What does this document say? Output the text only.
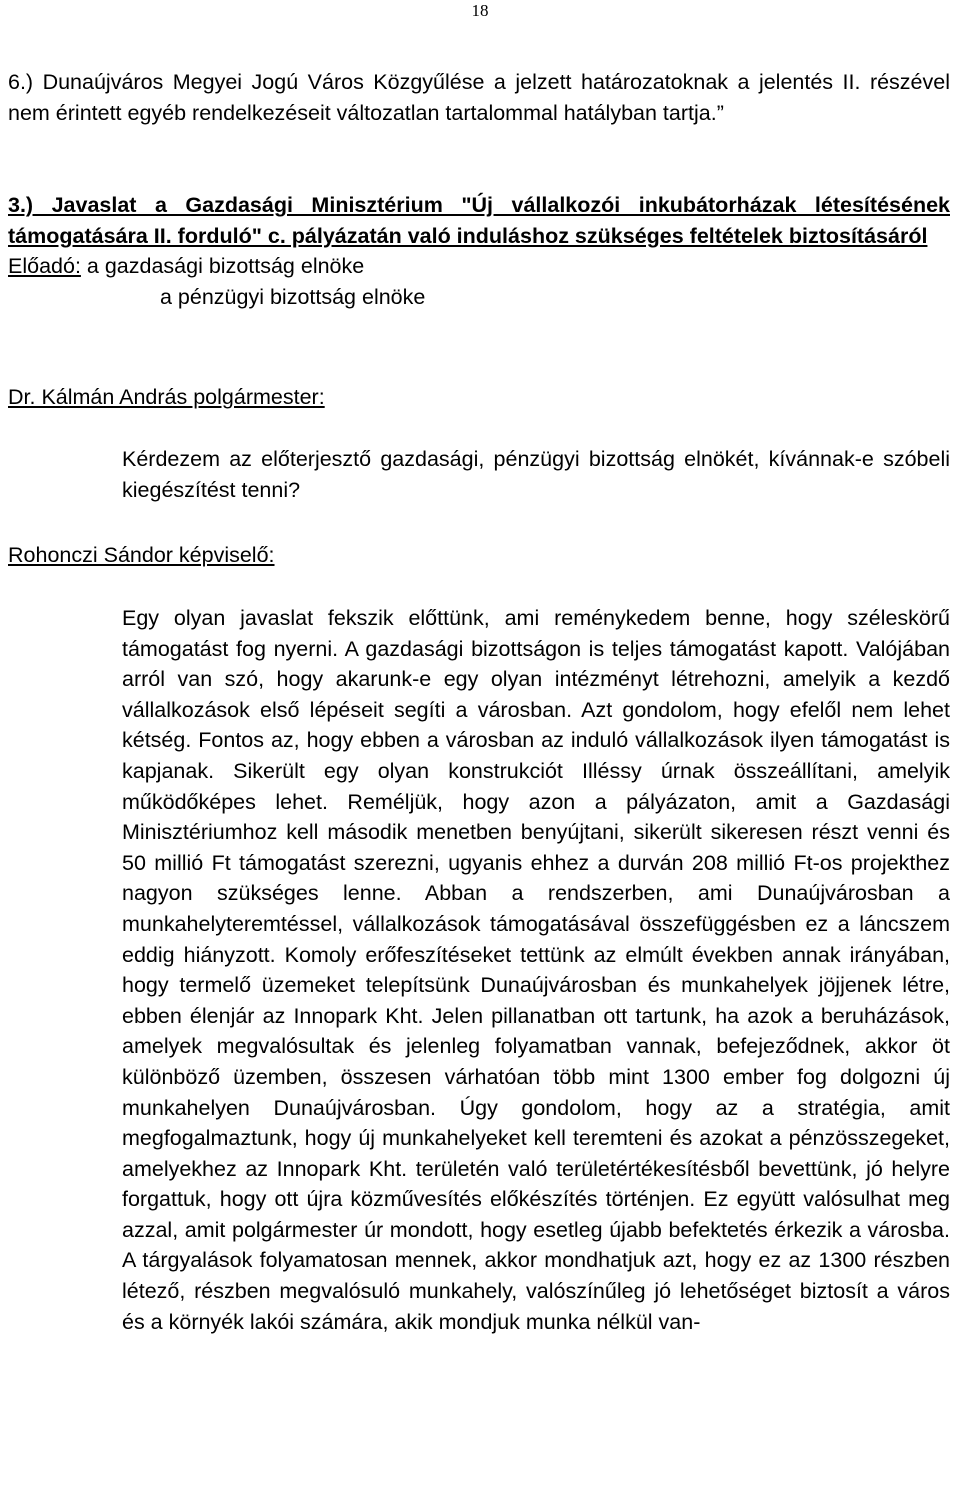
18

6.) Dunaújváros Megyei Jogú Város Közgyűlése a jelzett határozatoknak a jelentés II. részével nem érintett egyéb rendelkezéseit változatlan tartalommal hatályban tartja.”

3.) Javaslat a Gazdasági Minisztérium "Új vállalkozói inkubátorházak létesítésének támogatására II. forduló" c. pályázatán való induláshoz szükséges feltételek biztosításáról

Előadó: a gazdasági bizottság elnöke

a pénzügyi bizottság elnöke

Dr. Kálmán András polgármester:

Kérdezem az előterjesztő gazdasági, pénzügyi bizottság elnökét, kívánnak-e szóbeli kiegészítést tenni?

Rohonczi Sándor képviselő:

Egy olyan javaslat fekszik előttünk, ami reménykedem benne, hogy széleskörű támogatást fog nyerni. A gazdasági bizottságon is teljes támogatást kapott. Valójában arról van szó, hogy akarunk-e egy olyan intézményt létrehozni, amelyik a kezdő vállalkozások első lépéseit segíti a városban. Azt gondolom, hogy efelől nem lehet kétség. Fontos az, hogy ebben a városban az induló vállalkozások ilyen támogatást is kapjanak. Sikerült egy olyan konstrukciót Illéssy úrnak összeállítani, amelyik működőképes lehet. Reméljük, hogy azon a pályázaton, amit a Gazdasági Minisztériumhoz kell második menetben benyújtani, sikerült sikeresen részt venni és 50 millió Ft támogatást szerezni, ugyanis ehhez a durván 208 millió Ft-os projekthez nagyon szükséges lenne. Abban a rendszerben, ami Dunaújvárosban a munkahelyteremtéssel, vállalkozások támogatásával összefüggésben ez a láncszem eddig hiányzott. Komoly erőfeszítéseket tettünk az elmúlt években annak irányában, hogy termelő üzemeket telepítsünk Dunaújvárosban és munkahelyek jöjjenek létre, ebben élenjár az Innopark Kht. Jelen pillanatban ott tartunk, ha azok a beruházások, amelyek megvalósultak és jelenleg folyamatban vannak, befejeződnek, akkor öt különböző üzemben, összesen várhatóan több mint 1300 ember fog dolgozni új munkahelyen Dunaújvárosban. Úgy gondolom, hogy az a stratégia, amit megfogalmaztunk, hogy új munkahelyeket kell teremteni és azokat a pénzösszegeket, amelyekhez az Innopark Kht. területén való területértékesítésből bevettünk, jó helyre forgattuk, hogy ott újra közművesítés előkészítés történjen. Ez együtt valósulhat meg azzal, amit polgármester úr mondott, hogy esetleg újabb befektetés érkezik a városba. A tárgyalások folyamatosan mennek, akkor mondhatjuk azt, hogy ez az 1300 részben létező, részben megvalósuló munkahely, valószínűleg jó lehetőséget biztosít a város és a környék lakói számára, akik mondjuk munka nélkül van-
